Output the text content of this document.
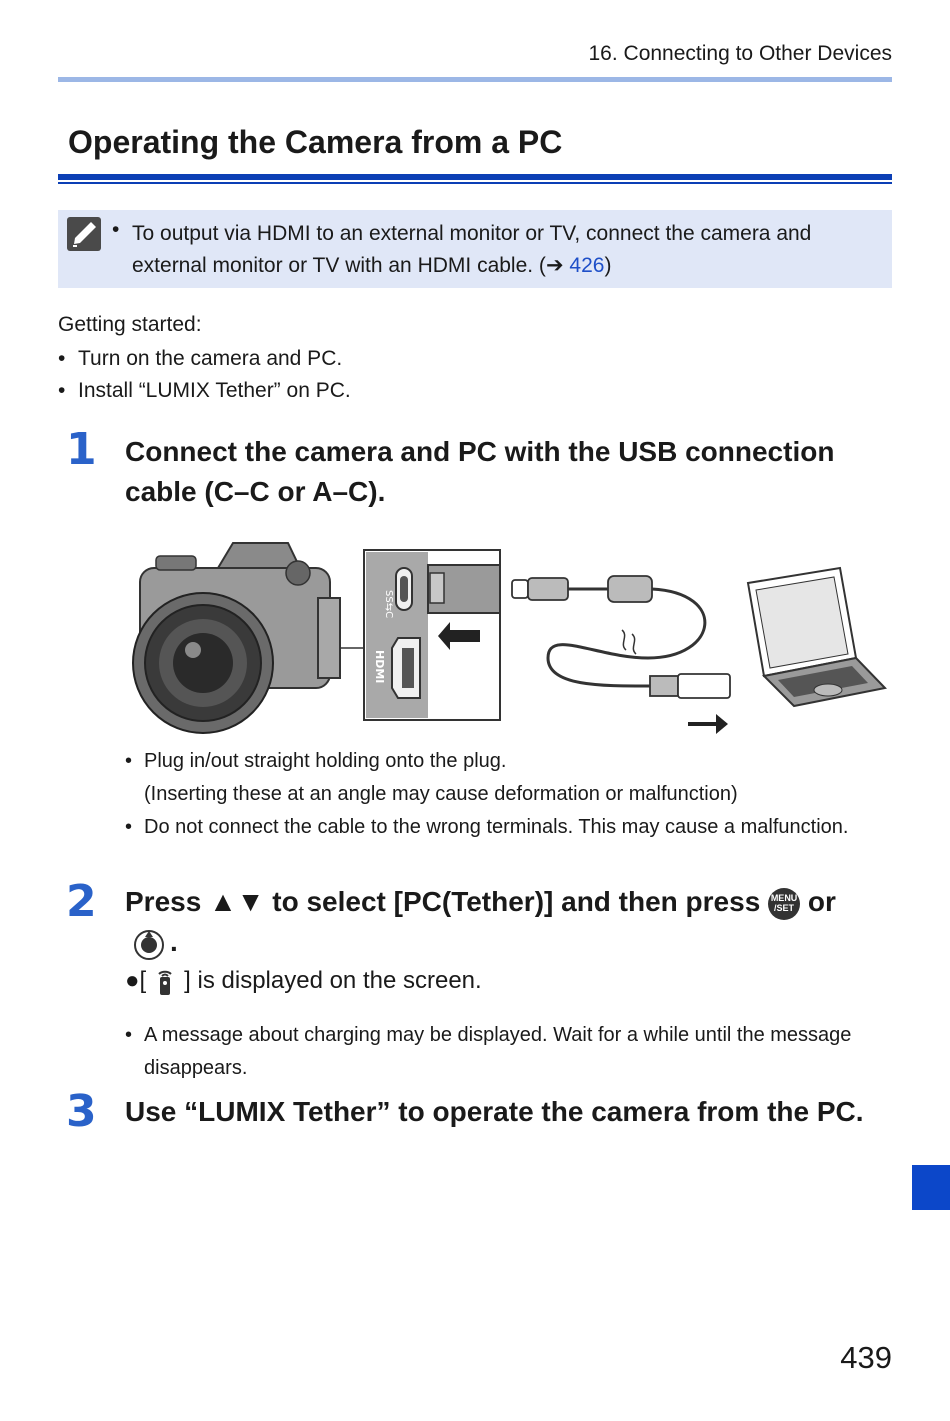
16. Connecting to Other Devices
Operating the Camera from a PC
• To output via HDMI to an external monitor or TV, connect the camera and external monitor or TV with an HDMI cable. (➔ 426)
Getting started:
• Turn on the camera and PC.
• Install “LUMIX Tether” on PC.
1 Connect the camera and PC with the USB connection cable (C–C or A–C).
SS⇆C
HDMI
• Plug in/out straight holding onto the plug.
(Inserting these at an angle may cause deformation or malfunction)
• Do not connect the cable to the wrong terminals. This may cause a malfunction.
2 Press ▲▼ to select [PC(Tether)] and then press MENU /SET or
.
●[ ] is displayed on the screen.
• A message about charging may be displayed. Wait for a while until the message disappears.
3 Use “LUMIX Tether” to operate the camera from the PC.
439
